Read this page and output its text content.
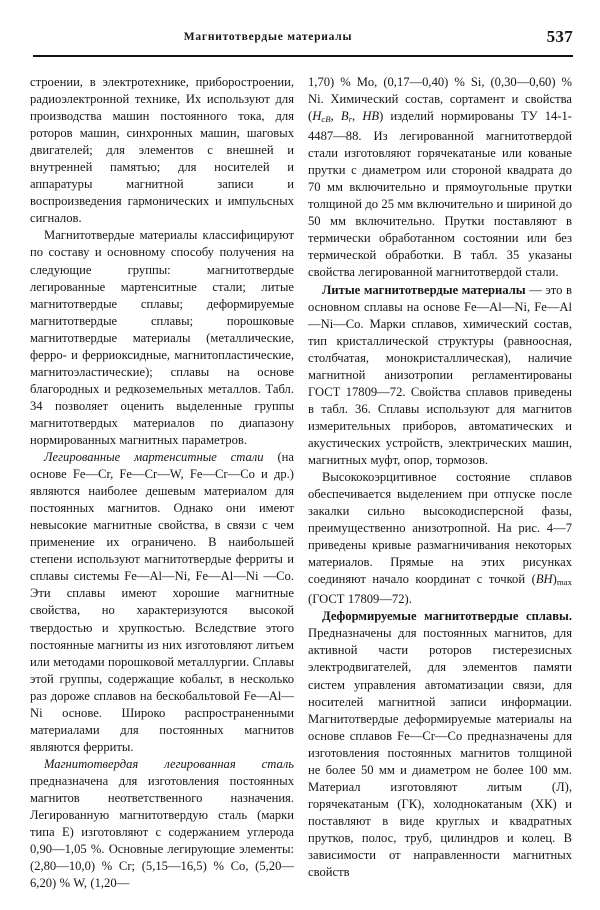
Магнитотвердые материалы	537

строении, в электротехнике, приборостроении, радиоэлектронной технике, Их используют для производства машин постоянного тока, для роторов машин, синхронных машин, шаговых двигателей; для элементов с внешней и внутренней памятью; для носителей и аппаратуры магнитной записи и воспроизведения гармонических и импульсных сигналов.

Магнитотвердые материалы классифицируют по составу и основному способу получения на следующие группы: магнитотвердые легированные мартенситные стали; литые магнитотвердые сплавы; деформируемые магнитотвердые сплавы; порошковые магнитотвердые материалы (металлические, ферро- и ферриоксидные, магнитопластические, магнитоэластические); сплавы на основе благородных и редкоземельных металлов. Табл. 34 позволяет оценить выделенные группы магнитотвердых материалов по диапазону нормированных магнитных параметров.

Легированные мартенситные стали (на основе Fe—Cr, Fe—Cr—W, Fe—Cr—Co и др.) являются наиболее дешевым материалом для постоянных магнитов. Однако они имеют невысокие магнитные свойства, в связи с чем применение их ограничено. В наибольшей степени используют магнитотвердые ферриты и сплавы системы Fe—Al—Ni, Fe—Al—Ni —Co. Эти сплавы имеют хорошие магнитные свойства, но характеризуются высокой твердостью и хрупкостью. Вследствие этого постоянные магниты из них изготовляют литьем или методами порошковой металлургии. Сплавы этой группы, содержащие кобальт, в несколько раз дороже сплавов на бескобальтовой Fe—Al—Ni основе. Широко распространенными материалами для постоянных магнитов являются ферриты.

Магнитотвердая легированная сталь предназначена для изготовления постоянных магнитов неответственного назначения. Легированную магнитотвердую сталь (марки типа Е) изготовляют с содержанием углерода 0,90—1,05 %. Основные легирующие элементы: (2,80—10,0) % Cr; (5,15—16,5) % Co, (5,20—6,20) % W, (1,20—

1,70) % Mo, (0,17—0,40) % Si, (0,30—0,60) % Ni. Химический состав, сортамент и свойства ($H_{cB}$, $B_r$, HB) изделий нормированы ТУ 14-1-4487—88. Из легированной магнитотвердой стали изготовляют горячекатаные или кованые прутки с диаметром или стороной квадрата до 70 мм включительно и прямоугольные прутки толщиной до 25 мм включительно и шириной до 50 мм включительно. Прутки поставляют в термически обработанном состоянии или без термической обработки. В табл. 35 указаны свойства легированной магнитотвердой стали.

Литые магнитотвердые материалы — это в основном сплавы на основе Fe—Al—Ni, Fe—Al—Ni—Co. Марки сплавов, химический состав, тип кристаллической структуры (равноосная, столбчатая, монокристаллическая), наличие магнитной анизотропии регламентированы ГОСТ 17809—72. Свойства сплавов приведены в табл. 36. Сплавы используют для магнитов измерительных приборов, автоматических и акустических устройств, электрических машин, магнитных муфт, опор, тормозов.

Высококоэрцитивное состояние сплавов обеспечивается выделением при отпуске после закалки сильно высокодисперсной фазы, преимущественно анизотропной. На рис. 4—7 приведены кривые размагничивания некоторых материалов. Прямые на этих рисунках соединяют начало координат с точкой $(BH)_{max}$ (ГОСТ 17809—72).

Деформируемые магнитотвердые сплавы. Предназначены для постоянных магнитов, для активной части роторов гистерезисных электродвигателей, для элементов памяти систем управления автоматизации связи, для носителей магнитной записи информации. Магнитотвердые деформируемые материалы на основе сплавов Fe—Cr—Co предназначены для изготовления постоянных магнитов толщиной не более 50 мм и диаметром не более 100 мм. Материал изготовляют литым (Л), горячекатаным (ГК), холоднокатаным (ХК) и поставляют в виде круглых и квадратных прутков, полос, труб, цилиндров и колец. В зависимости от направленности магнитных свойств
